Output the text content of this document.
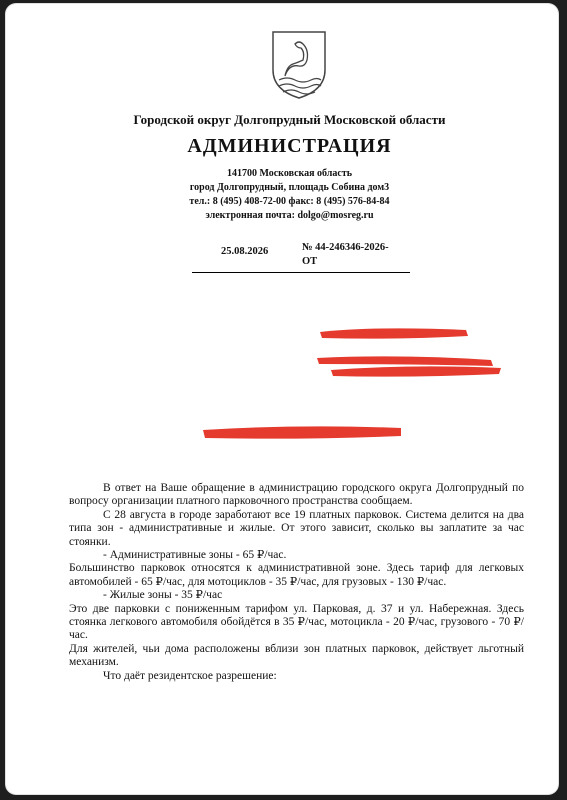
Городской округ Долгопрудный Московской области
АДМИНИСТРАЦИЯ
141700 Московская область
город Долгопрудный, площадь Собина дом3
тел.: 8 (495) 408-72-00 факс: 8 (495) 576-84-84
электронная почта: dolgo@mosreg.ru
25.08.2026	№ 44-246346-2026-
ОТ

В ответ на Ваше обращение в администрацию городского округа Долгопрудный по вопросу организации платного парковочного пространства сообщаем.

С 28 августа в городе заработают все 19 платных парковок. Система делится на два типа зон - административные и жилые. От этого зависит, сколько вы заплатите за час стоянки.

- Административные зоны - 65 ₽/час.

Большинство парковок относятся к административной зоне. Здесь тариф для легковых автомобилей - 65 ₽/час, для мотоциклов - 35 ₽/час, для грузовых - 130 ₽/час.

- Жилые зоны - 35 ₽/час

Это две парковки с пониженным тарифом ул. Парковая, д. 37 и ул. Набережная. Здесь стоянка легкового автомобиля обойдётся в 35 ₽/час, мотоцикла - 20 ₽/час, грузового - 70 ₽/час.

Для жителей, чьи дома расположены вблизи зон платных парковок, действует льготный механизм.

Что даёт резидентское разрешение:
